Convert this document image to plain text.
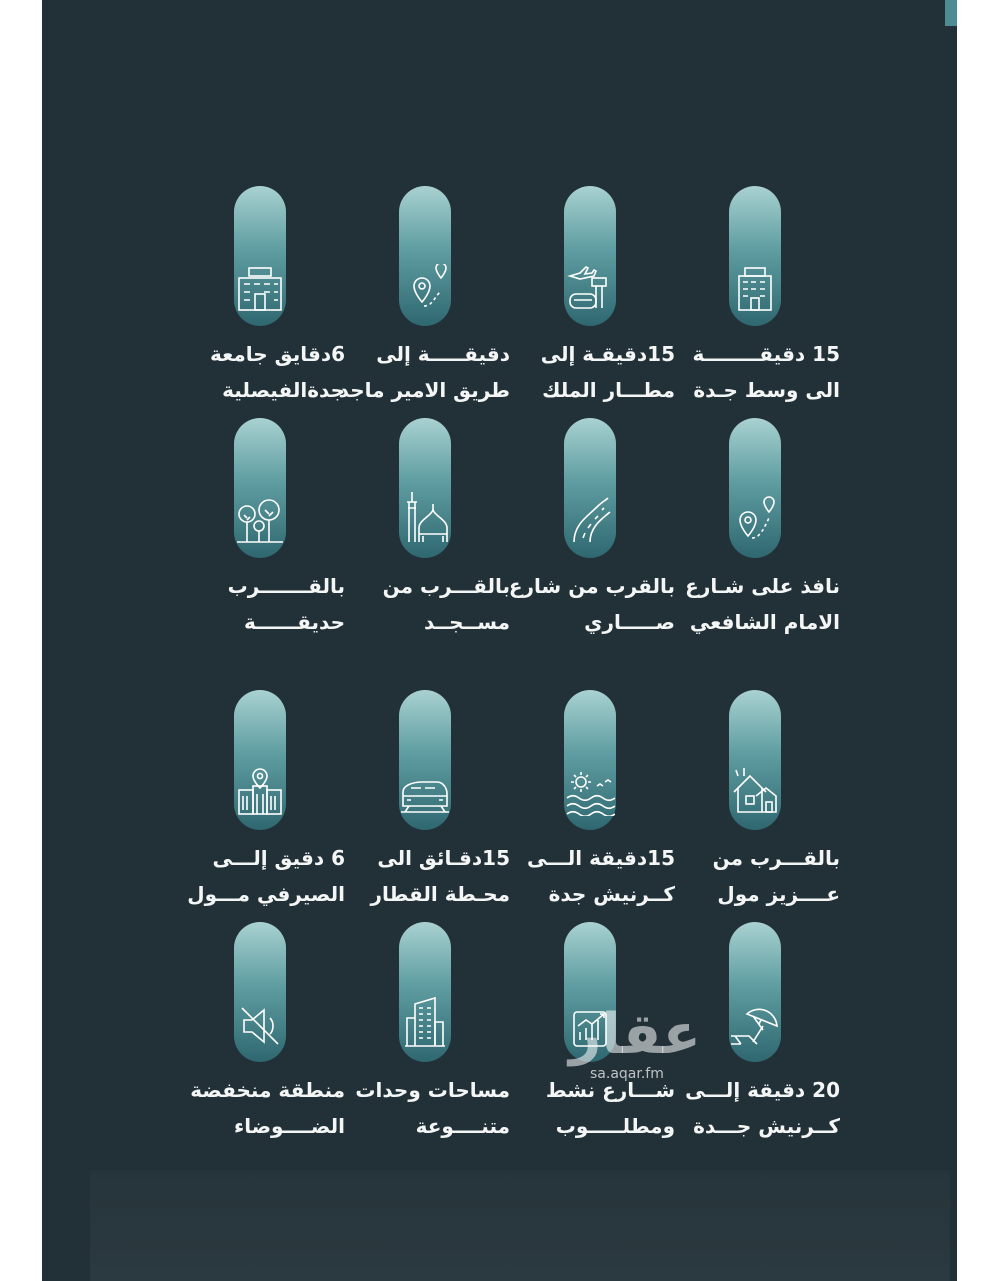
15 دقيقــــــــة
الى وسط جـدة
15دقيقـة إلى
مطـــار الملك
دقيقـــــة إلى
طريق الامير ماجد
6دقايق جامعة
جدةالفيصلية
نافذ على شـارع
الامام الشافعي
بالقرب من شارع
صـــــاري
بالقـــرب من
مســجــد
بالقـــــــرب
حديقــــــة
بالقـــرب من
عــــزيز مول
15دقيقة الـــى
كــرنيش جدة
15دقـائق الى
محـطة القطار
6 دقيق إلـــى
الصيرفي مـــول
20 دقيقة إلـــى
كــرنيش جـــدة
شـــارع نشط
ومطلـــــوب
مساحات وحدات
متنــــوعة
منطقة منخفضة
الضــــوضاء
عقار
sa.aqar.fm
